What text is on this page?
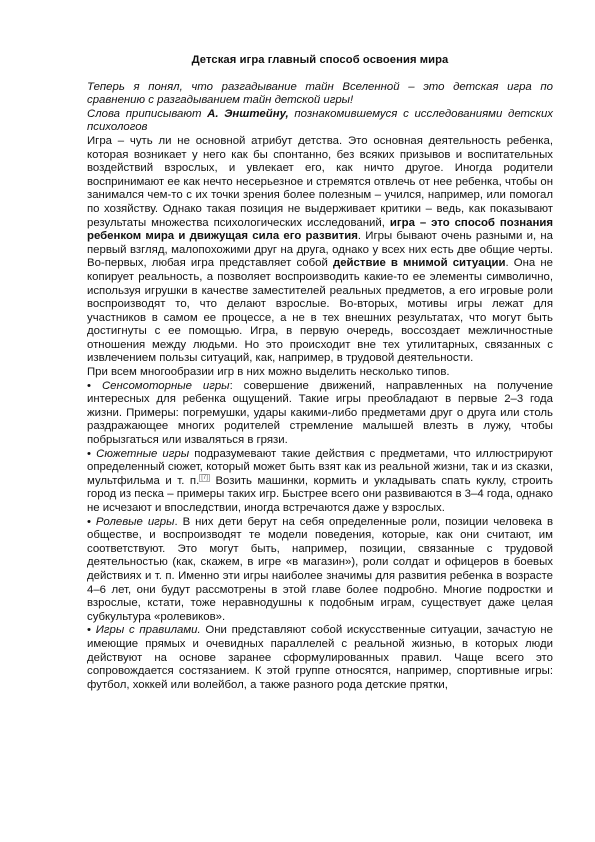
Детская игра главный способ освоения мира

Теперь я понял, что разгадывание тайн Вселенной – это детская игра по сравнению с разгадыванием тайн детской игры!

Слова приписывают А. Энштейну, познакомившемуся с исследованиями детских психологов

Игра – чуть ли не основной атрибут детства. Это основная деятельность ребенка, которая возникает у него как бы спонтанно, без всяких призывов и воспитательных воздействий взрослых, и увлекает его, как ничто другое. Иногда родители воспринимают ее как нечто несерьезное и стремятся отвлечь от нее ребенка, чтобы он занимался чем-то с их точки зрения более полезным – учился, например, или помогал по хозяйству. Однако такая позиция не выдерживает критики – ведь, как показывают результаты множества психологических исследований, игра – это способ познания ребенком мира и движущая сила его развития. Игры бывают очень разными и, на первый взгляд, малопохожими друг на друга, однако у всех них есть две общие черты. Во-первых, любая игра представляет собой действие в мнимой ситуации. Она не копирует реальность, а позволяет воспроизводить какие-то ее элементы символично, используя игрушки в качестве заместителей реальных предметов, а его игровые роли воспроизводят то, что делают взрослые. Во-вторых, мотивы игры лежат для участников в самом ее процессе, а не в тех внешних результатах, что могут быть достигнуты с ее помощью. Игра, в первую очередь, воссоздает межличностные отношения между людьми. Но это происходит вне тех утилитарных, связанных с извлечением пользы ситуаций, как, например, в трудовой деятельности.

При всем многообразии игр в них можно выделить несколько типов.

• Сенсомоторные игры: совершение движений, направленных на получение интересных для ребенка ощущений. Такие игры преобладают в первые 2–3 года жизни. Примеры: погремушки, удары какими-либо предметами друг о друга или столь раздражающее многих родителей стремление малышей влезть в лужу, чтобы побрызгаться или изваляться в грязи.

• Сюжетные игры подразумевают такие действия с предметами, что иллюстрируют определенный сюжет, который может быть взят как из реальной жизни, так и из сказки, мультфильма и т. п. [7] Возить машинки, кормить и укладывать спать куклу, строить город из песка – примеры таких игр. Быстрее всего они развиваются в 3–4 года, однако не исчезают и впоследствии, иногда встречаются даже у взрослых.

• Ролевые игры. В них дети берут на себя определенные роли, позиции человека в обществе, и воспроизводят те модели поведения, которые, как они считают, им соответствуют. Это могут быть, например, позиции, связанные с трудовой деятельностью (как, скажем, в игре «в магазин»), роли солдат и офицеров в боевых действиях и т. п. Именно эти игры наиболее значимы для развития ребенка в возрасте 4–6 лет, они будут рассмотрены в этой главе более подробно. Многие подростки и взрослые, кстати, тоже неравнодушны к подобным играм, существует даже целая субкультура «ролевиков».

• Игры с правилами. Они представляют собой искусственные ситуации, зачастую не имеющие прямых и очевидных параллелей с реальной жизнью, в которых люди действуют на основе заранее сформулированных правил. Чаще всего это сопровождается состязанием. К этой группе относятся, например, спортивные игры: футбол, хоккей или волейбол, а также разного рода детские прятки,
